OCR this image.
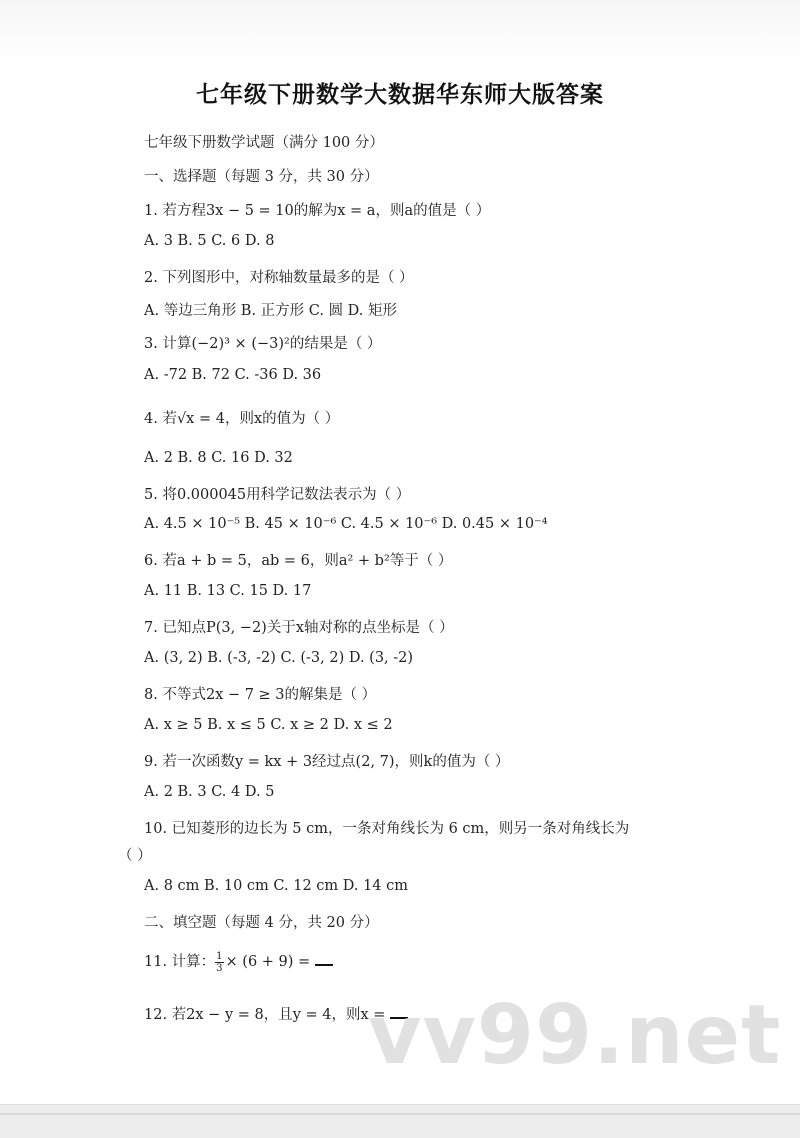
七年级下册数学大数据华东师大版答案
七年级下册数学试题（满分 100 分）
一、选择题（每题 3 分，共 30 分）
1. 若方程3x − 5 = 10的解为x = a，则a的值是（ ）
A. 3 B. 5 C. 6 D. 8
2. 下列图形中，对称轴数量最多的是（ ）
A. 等边三角形 B. 正方形 C. 圆 D. 矩形
3. 计算(−2)³ × (−3)²的结果是（ ）
A. -72 B. 72 C. -36 D. 36
4. 若√x = 4，则x的值为（ ）
A. 2 B. 8 C. 16 D. 32
5. 将0.000045用科学记数法表示为（ ）
A. 4.5 × 10⁻⁵ B. 45 × 10⁻⁶ C. 4.5 × 10⁻⁶ D. 0.45 × 10⁻⁴
6. 若a + b = 5，ab = 6，则a² + b²等于（ ）
A. 11 B. 13 C. 15 D. 17
7. 已知点P(3, −2)关于x轴对称的点坐标是（ ）
A. (3, 2) B. (-3, -2) C. (-3, 2) D. (3, -2)
8. 不等式2x − 7 ≥ 3的解集是（ ）
A. x ≥ 5 B. x ≤ 5 C. x ≥ 2 D. x ≤ 2
9. 若一次函数y = kx + 3经过点(2, 7)，则k的值为（ ）
A. 2 B. 3 C. 4 D. 5
10. 已知菱形的边长为 5 cm，一条对角线长为 6 cm，则另一条对角线长为
（ ）
A. 8 cm B. 10 cm C. 12 cm D. 14 cm
二、填空题（每题 4 分，共 20 分）
11. 计算： $\frac{1}{3} \times (6 + 9)$ =
12. 若2x − y = 8，且y = 4，则x =
vv99.net
